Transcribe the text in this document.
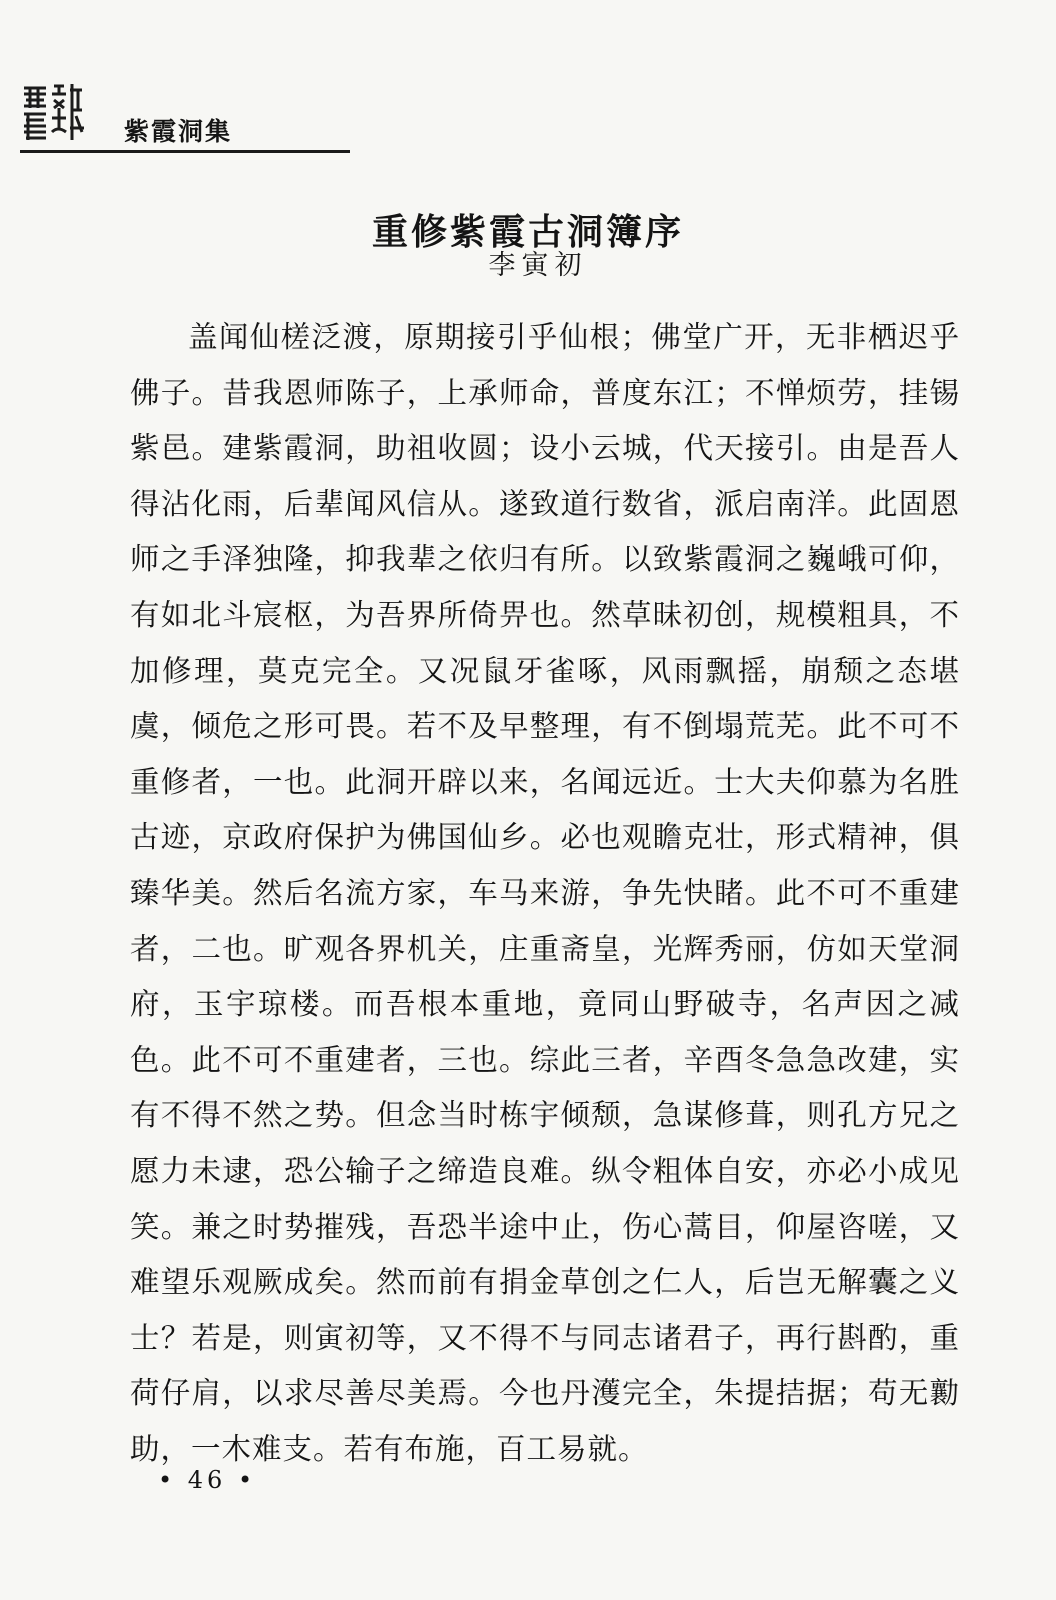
紫霞洞集
重修紫霞古洞簿序
李寅初

盖闻仙槎泛渡，原期接引乎仙根；佛堂广开，无非栖迟乎佛子。昔我恩师陈子，上承师命，普度东江；不惮烦劳，挂锡紫邑。建紫霞洞，助祖收圆；设小云城，代天接引。由是吾人得沾化雨，后辈闻风信从。遂致道行数省，派启南洋。此固恩师之手泽独隆，抑我辈之依归有所。以致紫霞洞之巍峨可仰，有如北斗宸枢，为吾界所倚畀也。然草昧初创，规模粗具，不加修理，莫克完全。又况鼠牙雀啄，风雨飘摇，崩颓之态堪虞，倾危之形可畏。若不及早整理，有不倒塌荒芜。此不可不重修者，一也。此洞开辟以来，名闻远近。士大夫仰慕为名胜古迹，京政府保护为佛国仙乡。必也观瞻克壮，形式精神，俱臻华美。然后名流方家，车马来游，争先快睹。此不可不重建者，二也。旷观各界机关，庄重斋皇，光辉秀丽，仿如天堂洞府，玉宇琼楼。而吾根本重地，竟同山野破寺，名声因之减色。此不可不重建者，三也。综此三者，辛酉冬急急改建，实有不得不然之势。但念当时栋宇倾颓，急谋修葺，则孔方兄之愿力未逮，恐公输子之缔造良难。纵令粗体自安，亦必小成见笑。兼之时势摧残，吾恐半途中止，伤心蒿目，仰屋咨嗟，又难望乐观厥成矣。然而前有捐金草创之仁人，后岂无解囊之义士？若是，则寅初等，又不得不与同志诸君子，再行斟酌，重荷仔肩，以求尽善尽美焉。今也丹濩完全，朱提拮据；苟无勷助，一木难支。若有布施，百工易就。

• 46 •
